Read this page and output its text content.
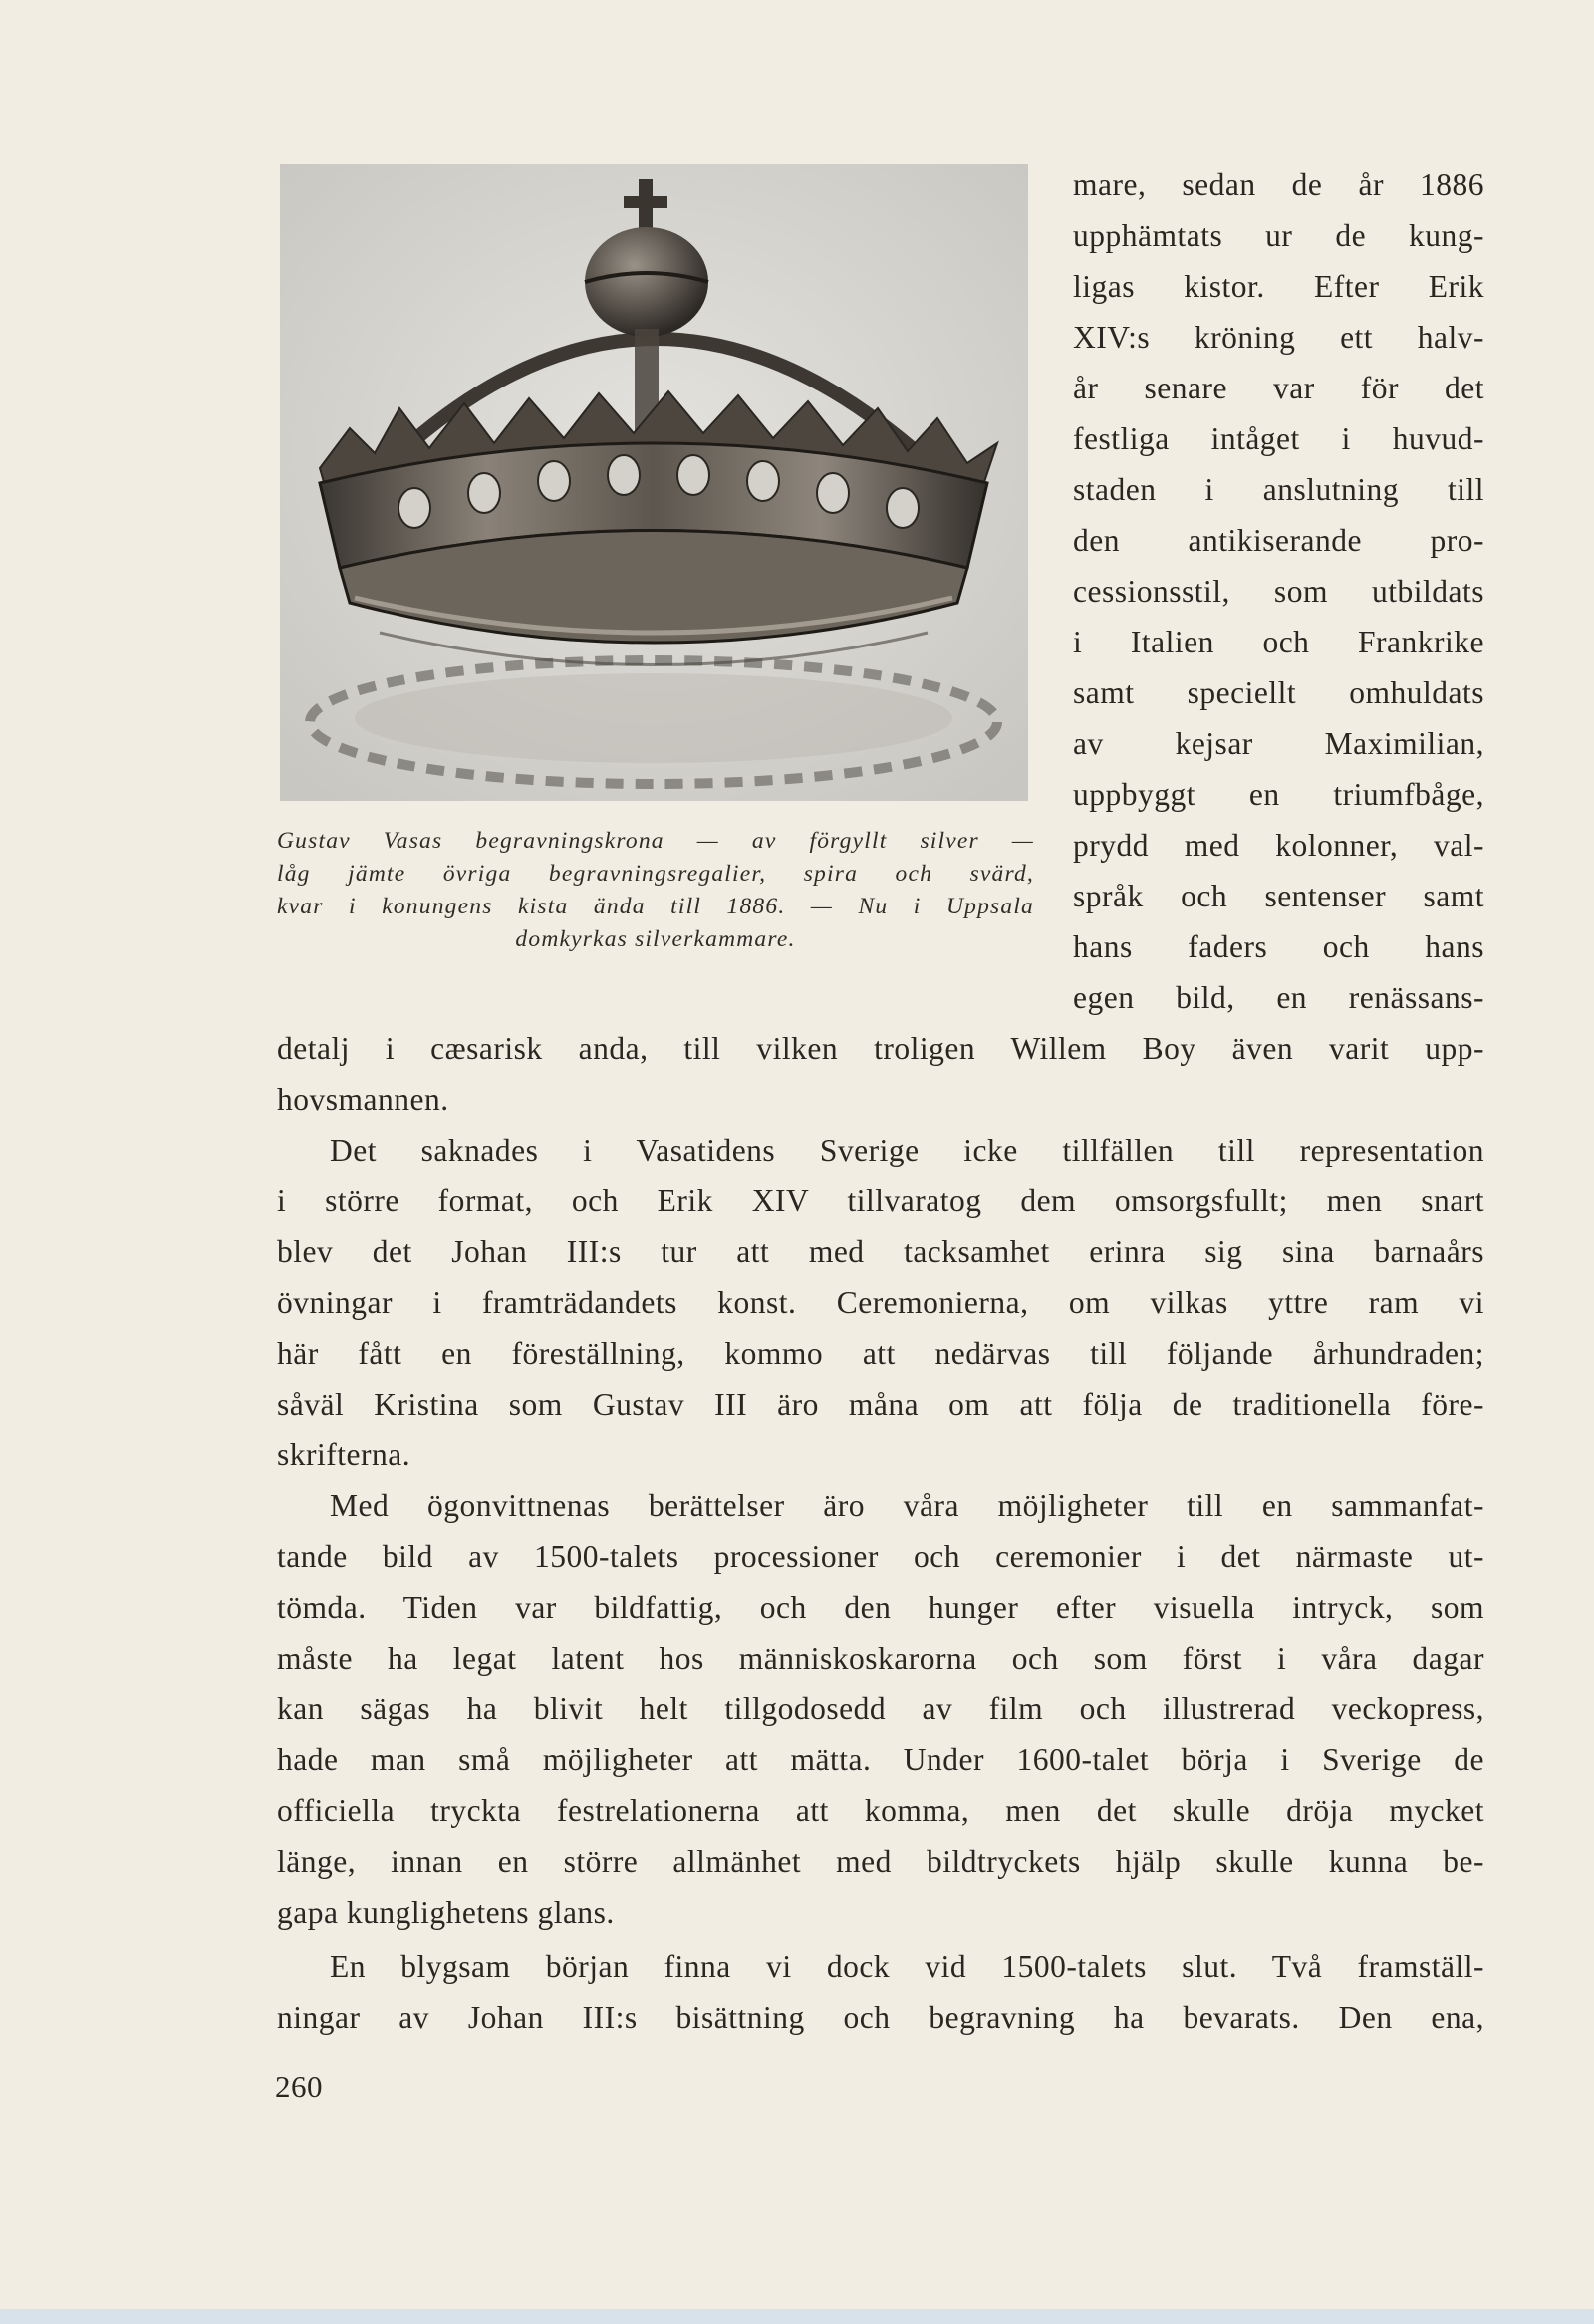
Gustav Vasas begravningskrona — av förgyllt silver —
låg jämte övriga begravningsregalier, spira och svärd,
kvar i konungens kista ända till 1886. — Nu i Uppsala
domkyrkas silverkammare.
mare, sedan de år 1886
upphämtats ur de kung-
ligas kistor. Efter Erik
XIV:s kröning ett halv-
år senare var för det
festliga intåget i huvud-
staden i anslutning till
den antikiserande pro-
cessionsstil, som utbildats
i Italien och Frankrike
samt speciellt omhuldats
av kejsar Maximilian,
uppbyggt en triumfbåge,
prydd med kolonner, val-
språk och sentenser samt
hans faders och hans
egen bild, en renässans-
detalj i cæsarisk anda, till vilken troligen Willem Boy även varit upp-
hovsmannen.
Det saknades i Vasatidens Sverige icke tillfällen till representation
i större format, och Erik XIV tillvaratog dem omsorgsfullt; men snart
blev det Johan III:s tur att med tacksamhet erinra sig sina barnaårs
övningar i framträdandets konst. Ceremonierna, om vilkas yttre ram vi
här fått en föreställning, kommo att nedärvas till följande århundraden;
såväl Kristina som Gustav III äro måna om att följa de traditionella före-
skrifterna.
Med ögonvittnenas berättelser äro våra möjligheter till en sammanfat-
tande bild av 1500-talets processioner och ceremonier i det närmaste ut-
tömda. Tiden var bildfattig, och den hunger efter visuella intryck, som
måste ha legat latent hos människoskarorna och som först i våra dagar
kan sägas ha blivit helt tillgodosedd av film och illustrerad veckopress,
hade man små möjligheter att mätta. Under 1600-talet börja i Sverige de
officiella tryckta festrelationerna att komma, men det skulle dröja mycket
länge, innan en större allmänhet med bildtryckets hjälp skulle kunna be-
gapa kunglighetens glans.
En blygsam början finna vi dock vid 1500-talets slut. Två framställ-
ningar av Johan III:s bisättning och begravning ha bevarats. Den ena,
260
